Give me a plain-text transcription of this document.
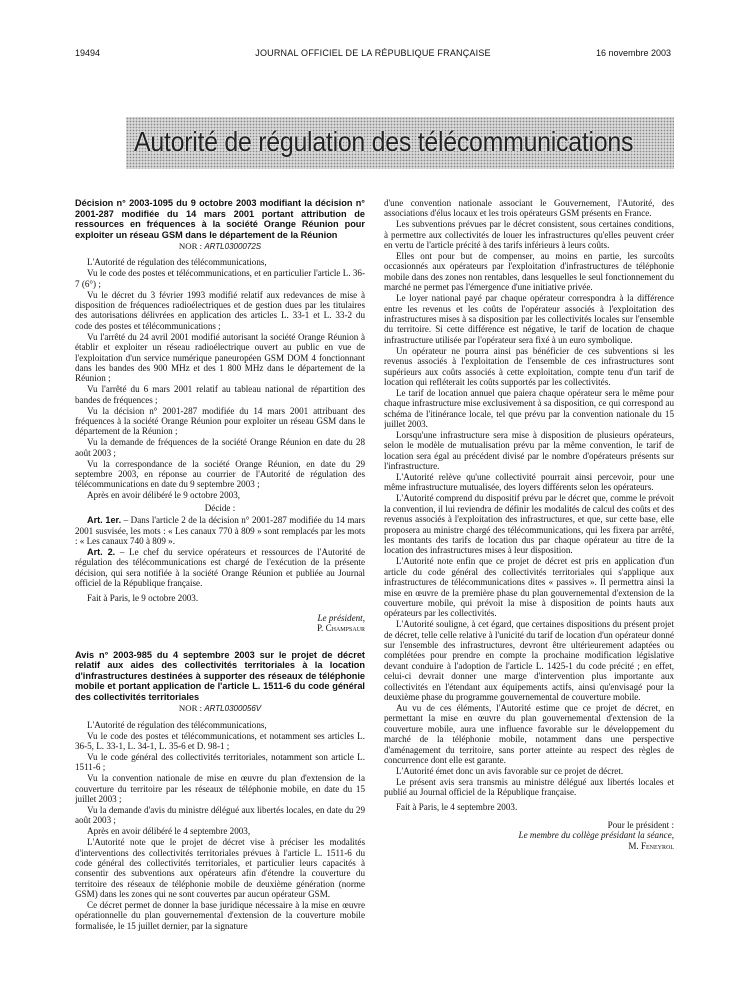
19494	JOURNAL OFFICIEL DE LA RÉPUBLIQUE FRANÇAISE	16 novembre 2003
Autorité de régulation des télécommunications

Décision n° 2003-1095 du 9 octobre 2003 modifiant la décision n° 2001-287 modifiée du 14 mars 2001 portant attribution de ressources en fréquences à la société Orange Réunion pour exploiter un réseau GSM dans le département de la Réunion

NOR : ARTL0300072S
L'Autorité de régulation des télécommunications,
Vu le code des postes et télécommunications, et en particulier l'article L. 36-7 (6°) ;
Vu le décret du 3 février 1993 modifié relatif aux redevances de mise à disposition de fréquences radioélectriques et de gestion dues par les titulaires des autorisations délivrées en application des articles L. 33-1 et L. 33-2 du code des postes et télécommunications ;
Vu l'arrêté du 24 avril 2001 modifié autorisant la société Orange Réunion à établir et exploiter un réseau radioélectrique ouvert au public en vue de l'exploitation d'un service numérique paneuropéen GSM DOM 4 fonctionnant dans les bandes des 900 MHz et des 1 800 MHz dans le département de la Réunion ;
Vu l'arrêté du 6 mars 2001 relatif au tableau national de répartition des bandes de fréquences ;
Vu la décision n° 2001-287 modifiée du 14 mars 2001 attribuant des fréquences à la société Orange Réunion pour exploiter un réseau GSM dans le département de la Réunion ;
Vu la demande de fréquences de la société Orange Réunion en date du 28 août 2003 ;
Vu la correspondance de la société Orange Réunion, en date du 29 septembre 2003, en réponse au courrier de l'Autorité de régulation des télécommunications en date du 9 septembre 2003 ;
Après en avoir délibéré le 9 octobre 2003,
Décide :
Art. 1er. – Dans l'article 2 de la décision n° 2001-287 modifiée du 14 mars 2001 susvisée, les mots : « Les canaux 770 à 809 » sont remplacés par les mots : « Les canaux 740 à 809 ».
Art. 2. – Le chef du service opérateurs et ressources de l'Autorité de régulation des télécommunications est chargé de l'exécution de la présente décision, qui sera notifiée à la société Orange Réunion et publiée au Journal officiel de la République française.
Fait à Paris, le 9 octobre 2003.
Le président,
P. Champsaur

Avis n° 2003-985 du 4 septembre 2003 sur le projet de décret relatif aux aides des collectivités territoriales à la location d'infrastructures destinées à supporter des réseaux de téléphonie mobile et portant application de l'article L. 1511-6 du code général des collectivités territoriales

NOR : ARTL0300056V
L'Autorité de régulation des télécommunications,
Vu le code des postes et télécommunications, et notamment ses articles L. 36-5, L. 33-1, L. 34-1, L. 35-6 et D. 98-1 ;
Vu le code général des collectivités territoriales, notamment son article L. 1511-6 ;
Vu la convention nationale de mise en œuvre du plan d'extension de la couverture du territoire par les réseaux de téléphonie mobile, en date du 15 juillet 2003 ;
Vu la demande d'avis du ministre délégué aux libertés locales, en date du 29 août 2003 ;
Après en avoir délibéré le 4 septembre 2003,
L'Autorité note que le projet de décret vise à préciser les modalités d'interventions des collectivités territoriales prévues à l'article L. 1511-6 du code général des collectivités territoriales, et particulier leurs capacités à consentir des subventions aux opérateurs afin d'étendre la couverture du territoire des réseaux de téléphonie mobile de deuxième génération (norme GSM) dans les zones qui ne sont couvertes par aucun opérateur GSM.
Ce décret permet de donner la base juridique nécessaire à la mise en œuvre opérationnelle du plan gouvernemental d'extension de la couverture mobile formalisée, le 15 juillet dernier, par la signature
d'une convention nationale associant le Gouvernement, l'Autorité, des associations d'élus locaux et les trois opérateurs GSM présents en France.
Les subventions prévues par le décret consistent, sous certaines conditions, à permettre aux collectivités de louer les infrastructures qu'elles peuvent créer en vertu de l'article précité à des tarifs inférieurs à leurs coûts.
Elles ont pour but de compenser, au moins en partie, les surcoûts occasionnés aux opérateurs par l'exploitation d'infrastructures de téléphonie mobile dans des zones non rentables, dans lesquelles le seul fonctionnement du marché ne permet pas l'émergence d'une initiative privée.
Le loyer national payé par chaque opérateur correspondra à la différence entre les revenus et les coûts de l'opérateur associés à l'exploitation des infrastructures mises à sa disposition par les collectivités locales sur l'ensemble du territoire. Si cette différence est négative, le tarif de location de chaque infrastructure utilisée par l'opérateur sera fixé à un euro symbolique.
Un opérateur ne pourra ainsi pas bénéficier de ces subventions si les revenus associés à l'exploitation de l'ensemble de ces infrastructures sont supérieurs aux coûts associés à cette exploitation, compte tenu d'un tarif de location qui refléterait les coûts supportés par les collectivités.
Le tarif de location annuel que paiera chaque opérateur sera le même pour chaque infrastructure mise exclusivement à sa disposition, ce qui correspond au schéma de l'itinérance locale, tel que prévu par la convention nationale du 15 juillet 2003.
Lorsqu'une infrastructure sera mise à disposition de plusieurs opérateurs, selon le modèle de mutualisation prévu par la même convention, le tarif de location sera égal au précédent divisé par le nombre d'opérateurs présents sur l'infrastructure.
L'Autorité relève qu'une collectivité pourrait ainsi percevoir, pour une même infrastructure mutualisée, des loyers différents selon les opérateurs.
L'Autorité comprend du dispositif prévu par le décret que, comme le prévoit la convention, il lui reviendra de définir les modalités de calcul des coûts et des revenus associés à l'exploitation des infrastructures, et que, sur cette base, elle proposera au ministre chargé des télécommunications, qui les fixera par arrêté, les montants des tarifs de location dus par chaque opérateur au titre de la location des infrastructures mises à leur disposition.
L'Autorité note enfin que ce projet de décret est pris en application d'un article du code général des collectivités territoriales qui s'applique aux infrastructures de télécommunications dites « passives ». Il permettra ainsi la mise en œuvre de la première phase du plan gouvernemental d'extension de la couverture mobile, qui prévoit la mise à disposition de points hauts aux opérateurs par les collectivités.
L'Autorité souligne, à cet égard, que certaines dispositions du présent projet de décret, telle celle relative à l'unicité du tarif de location d'un opérateur donné sur l'ensemble des infrastructures, devront être ultérieurement adaptées ou complétées pour prendre en compte la prochaine modification législative devant conduire à l'adoption de l'article L. 1425-1 du code précité ; en effet, celui-ci devrait donner une marge d'intervention plus importante aux collectivités en l'étendant aux équipements actifs, ainsi qu'envisagé pour la deuxième phase du programme gouvernemental de couverture mobile.
Au vu de ces éléments, l'Autorité estime que ce projet de décret, en permettant la mise en œuvre du plan gouvernemental d'extension de la couverture mobile, aura une influence favorable sur le développement du marché de la téléphonie mobile, notamment dans une perspective d'aménagement du territoire, sans porter atteinte au respect des règles de concurrence dont elle est garante.
L'Autorité émet donc un avis favorable sur ce projet de décret.
Le présent avis sera transmis au ministre délégué aux libertés locales et publié au Journal officiel de la République française.
Fait à Paris, le 4 septembre 2003.
Pour le président :
Le membre du collège présidant la séance,
M. Feneyrol
